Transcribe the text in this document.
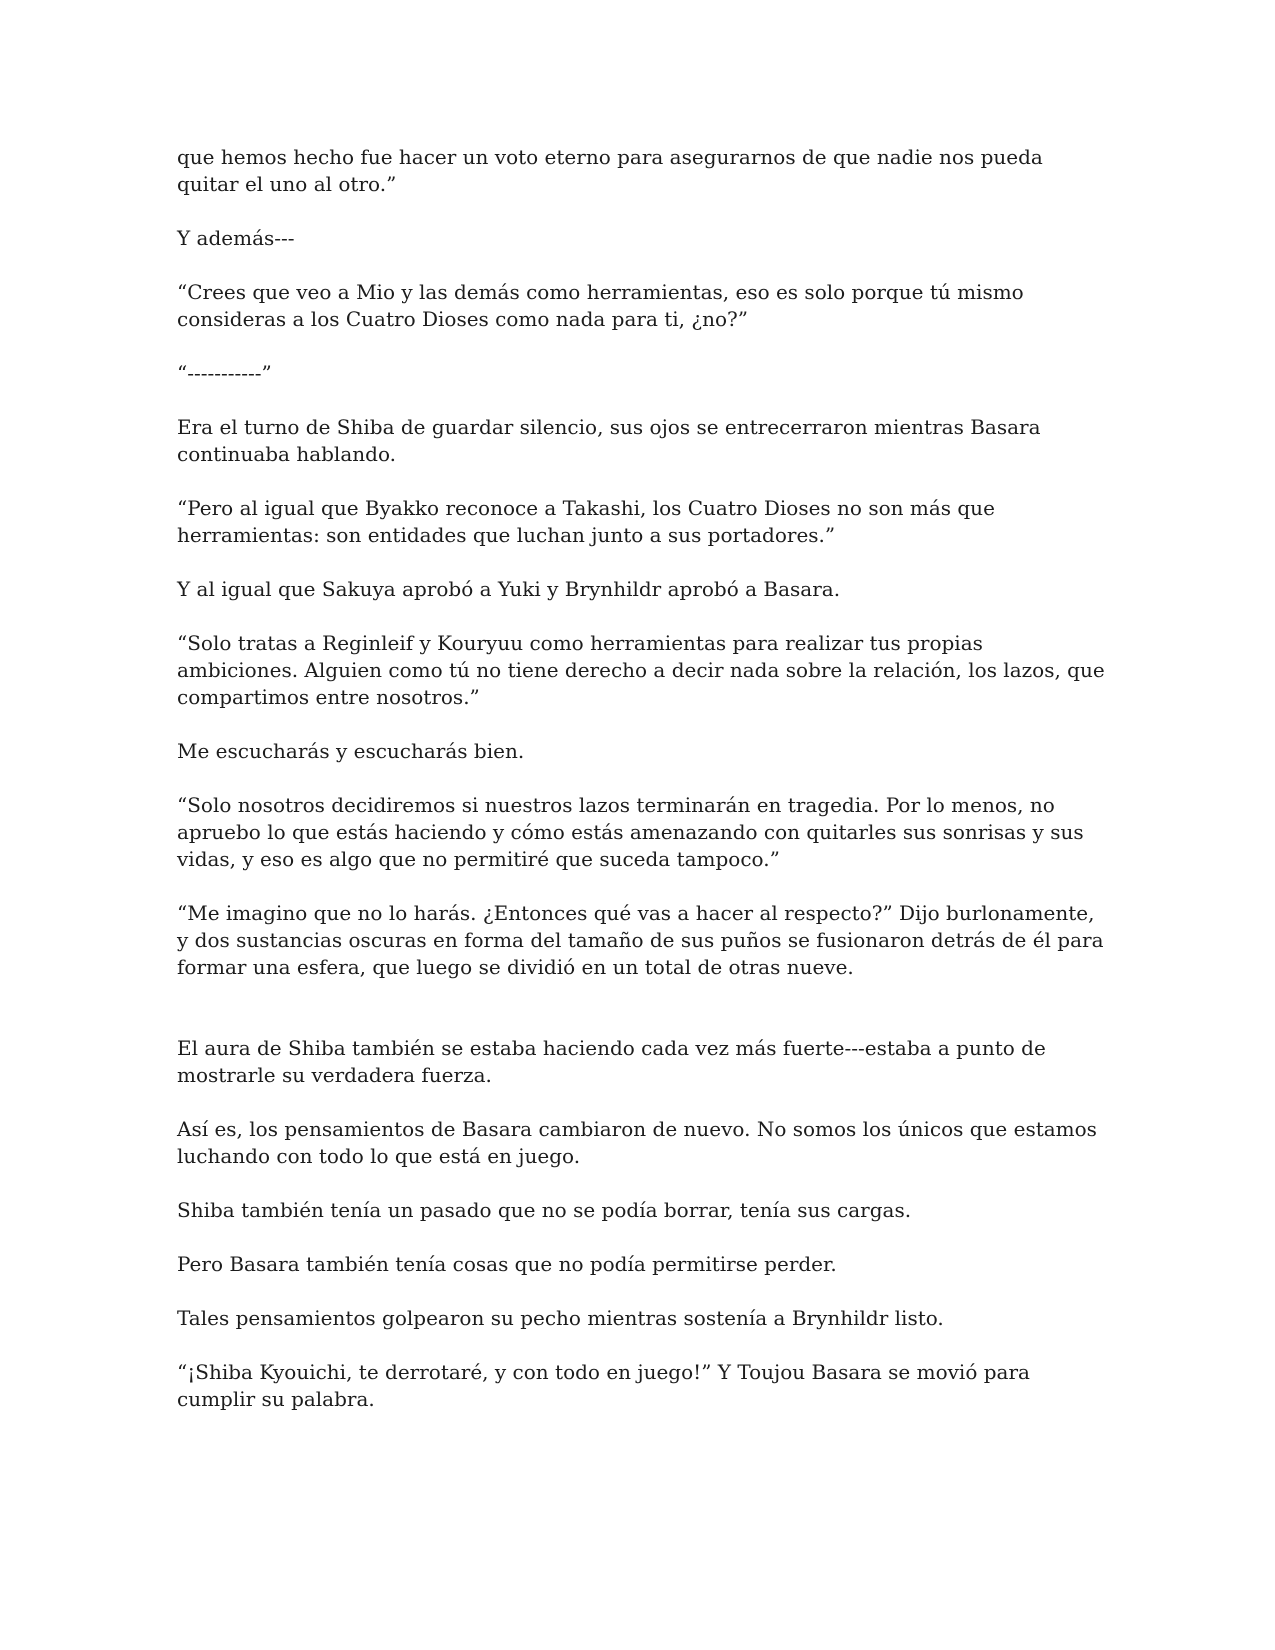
que hemos hecho fue hacer un voto eterno para asegurarnos de que nadie nos pueda quitar el uno al otro.”

Y además---

“Crees que veo a Mio y las demás como herramientas, eso es solo porque tú mismo consideras a los Cuatro Dioses como nada para ti, ¿no?”

“-----------”

Era el turno de Shiba de guardar silencio, sus ojos se entrecerraron mientras Basara continuaba hablando.

“Pero al igual que Byakko reconoce a Takashi, los Cuatro Dioses no son más que herramientas: son entidades que luchan junto a sus portadores.”

Y al igual que Sakuya aprobó a Yuki y Brynhildr aprobó a Basara.

“Solo tratas a Reginleif y Kouryuu como herramientas para realizar tus propias ambiciones. Alguien como tú no tiene derecho a decir nada sobre la relación, los lazos, que compartimos entre nosotros.”

Me escucharás y escucharás bien.

“Solo nosotros decidiremos si nuestros lazos terminarán en tragedia. Por lo menos, no apruebo lo que estás haciendo y cómo estás amenazando con quitarles sus sonrisas y sus vidas, y eso es algo que no permitiré que suceda tampoco.”

“Me imagino que no lo harás. ¿Entonces qué vas a hacer al respecto?” Dijo burlonamente, y dos sustancias oscuras en forma del tamaño de sus puños se fusionaron detrás de él para formar una esfera, que luego se dividió en un total de otras nueve.

El aura de Shiba también se estaba haciendo cada vez más fuerte---estaba a punto de mostrarle su verdadera fuerza.

Así es, los pensamientos de Basara cambiaron de nuevo. No somos los únicos que estamos luchando con todo lo que está en juego.

Shiba también tenía un pasado que no se podía borrar, tenía sus cargas.

Pero Basara también tenía cosas que no podía permitirse perder.

Tales pensamientos golpearon su pecho mientras sostenía a Brynhildr listo.

“¡Shiba Kyouichi, te derrotaré, y con todo en juego!” Y Toujou Basara se movió para cumplir su palabra.
